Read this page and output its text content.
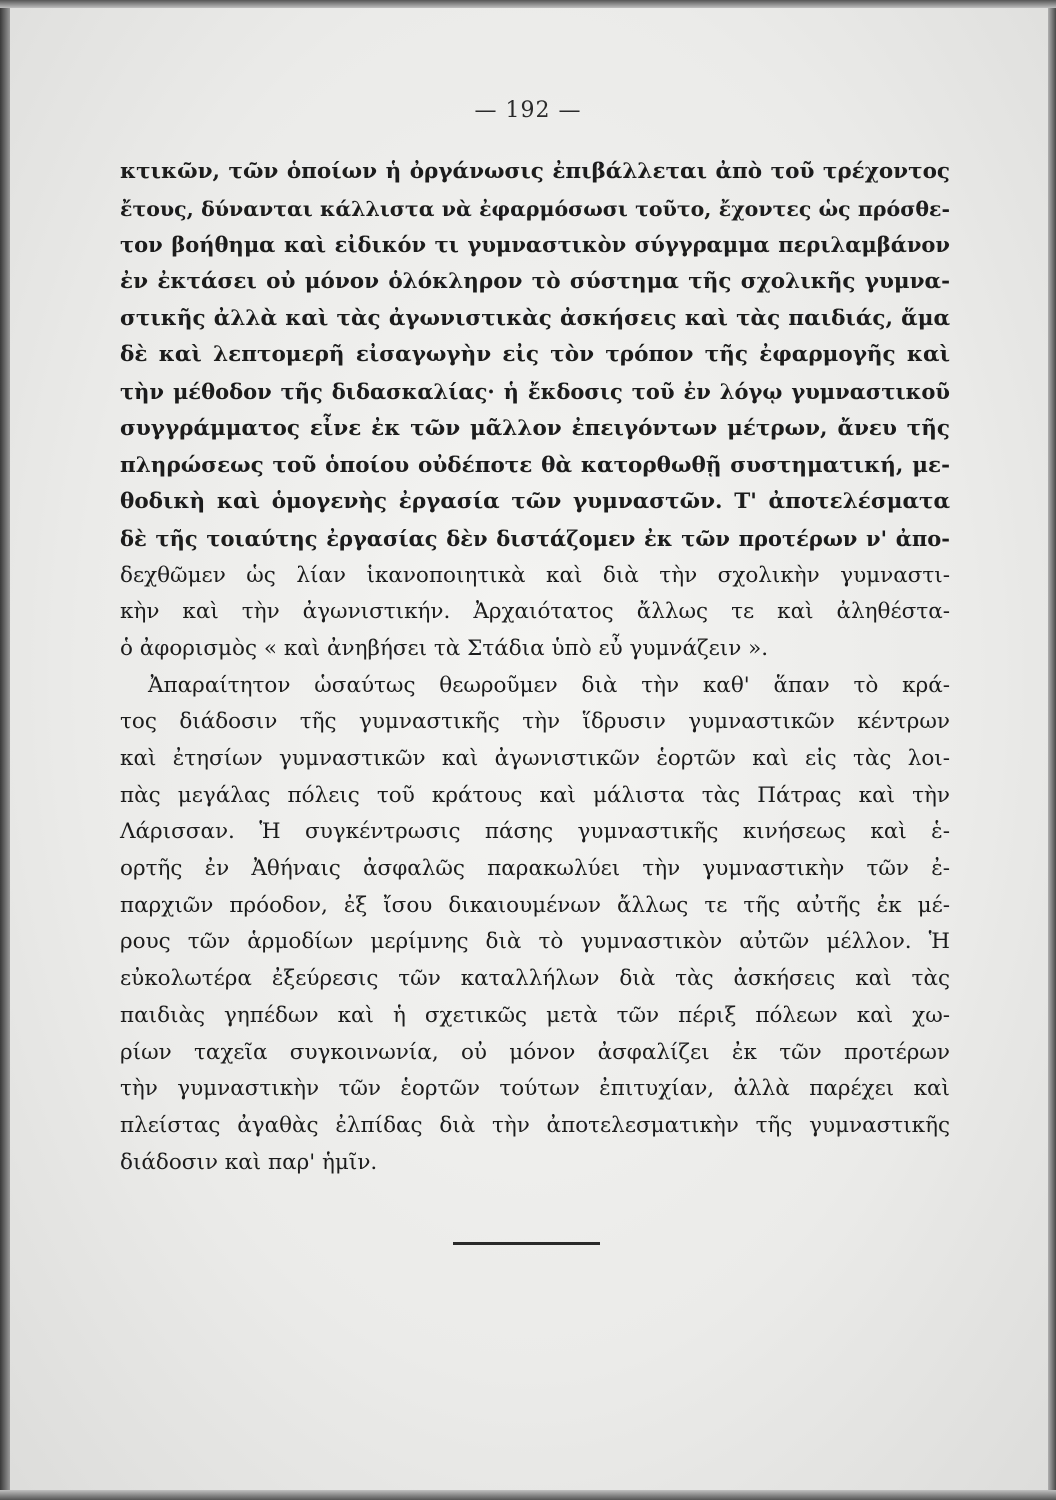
— 192 —
κτικῶν, τῶν ὁποίων ἡ ὀργάνωσις ἐπιβάλλεται ἀπὸ τοῦ τρέχοντος
ἔτους, δύνανται κάλλιστα νὰ ἐφαρμόσωσι τοῦτο, ἔχοντες ὡς πρόσθε-
τον βοήθημα καὶ εἰδικόν τι γυμναστικὸν σύγγραμμα περιλαμβάνον
ἐν ἐκτάσει οὐ μόνον ὁλόκληρον τὸ σύστημα τῆς σχολικῆς γυμνα-
στικῆς ἀλλὰ καὶ τὰς ἀγωνιστικὰς ἀσκήσεις καὶ τὰς παιδιάς, ἅμα
δὲ καὶ λεπτομερῆ εἰσαγωγὴν εἰς τὸν τρόπον τῆς ἐφαρμογῆς καὶ
τὴν μέθοδον τῆς διδασκαλίας· ἡ ἔκδοσις τοῦ ἐν λόγῳ γυμναστικοῦ
συγγράμματος εἶνε ἐκ τῶν μᾶλλον ἐπειγόντων μέτρων, ἄνευ τῆς
πληρώσεως τοῦ ὁποίου οὐδέποτε θὰ κατορθωθῇ συστηματική, με-
θοδικὴ καὶ ὁμογενὴς ἐργασία τῶν γυμναστῶν. Τ' ἀποτελέσματα
δὲ τῆς τοιαύτης ἐργασίας δὲν διστάζομεν ἐκ τῶν προτέρων ν' ἀπο-
δεχθῶμεν ὡς λίαν ἱκανοποιητικὰ καὶ διὰ τὴν σχολικὴν γυμναστι-
κὴν καὶ τὴν ἀγωνιστικήν. Ἀρχαιότατος ἄλλως τε καὶ ἀληθέστα-
ὁ ἀφορισμὸς « καὶ ἀνηβήσει τὰ Στάδια ὑπὸ εὖ γυμνάζειν ».
Ἀπαραίτητον ὡσαύτως θεωροῦμεν διὰ τὴν καθ' ἅπαν τὸ κρά-
τος διάδοσιν τῆς γυμναστικῆς τὴν ἵδρυσιν γυμναστικῶν κέντρων
καὶ ἐτησίων γυμναστικῶν καὶ ἀγωνιστικῶν ἑορτῶν καὶ εἰς τὰς λοι-
πὰς μεγάλας πόλεις τοῦ κράτους καὶ μάλιστα τὰς Πάτρας καὶ τὴν
Λάρισσαν. Ἡ συγκέντρωσις πάσης γυμναστικῆς κινήσεως καὶ ἑ-
ορτῆς ἐν Ἀθήναις ἀσφαλῶς παρακωλύει τὴν γυμναστικὴν τῶν ἐ-
παρχιῶν πρόοδον, ἐξ ἴσου δικαιουμένων ἄλλως τε τῆς αὐτῆς ἐκ μέ-
ρους τῶν ἁρμοδίων μερίμνης διὰ τὸ γυμναστικὸν αὐτῶν μέλλον. Ἡ
εὐκολωτέρα ἐξεύρεσις τῶν καταλλήλων διὰ τὰς ἀσκήσεις καὶ τὰς
παιδιὰς γηπέδων καὶ ἡ σχετικῶς μετὰ τῶν πέριξ πόλεων καὶ χω-
ρίων ταχεῖα συγκοινωνία, οὐ μόνον ἀσφαλίζει ἐκ τῶν προτέρων
τὴν γυμναστικὴν τῶν ἑορτῶν τούτων ἐπιτυχίαν, ἀλλὰ παρέχει καὶ
πλείστας ἀγαθὰς ἐλπίδας διὰ τὴν ἀποτελεσματικὴν τῆς γυμναστικῆς
διάδοσιν καὶ παρ' ἡμῖν.
